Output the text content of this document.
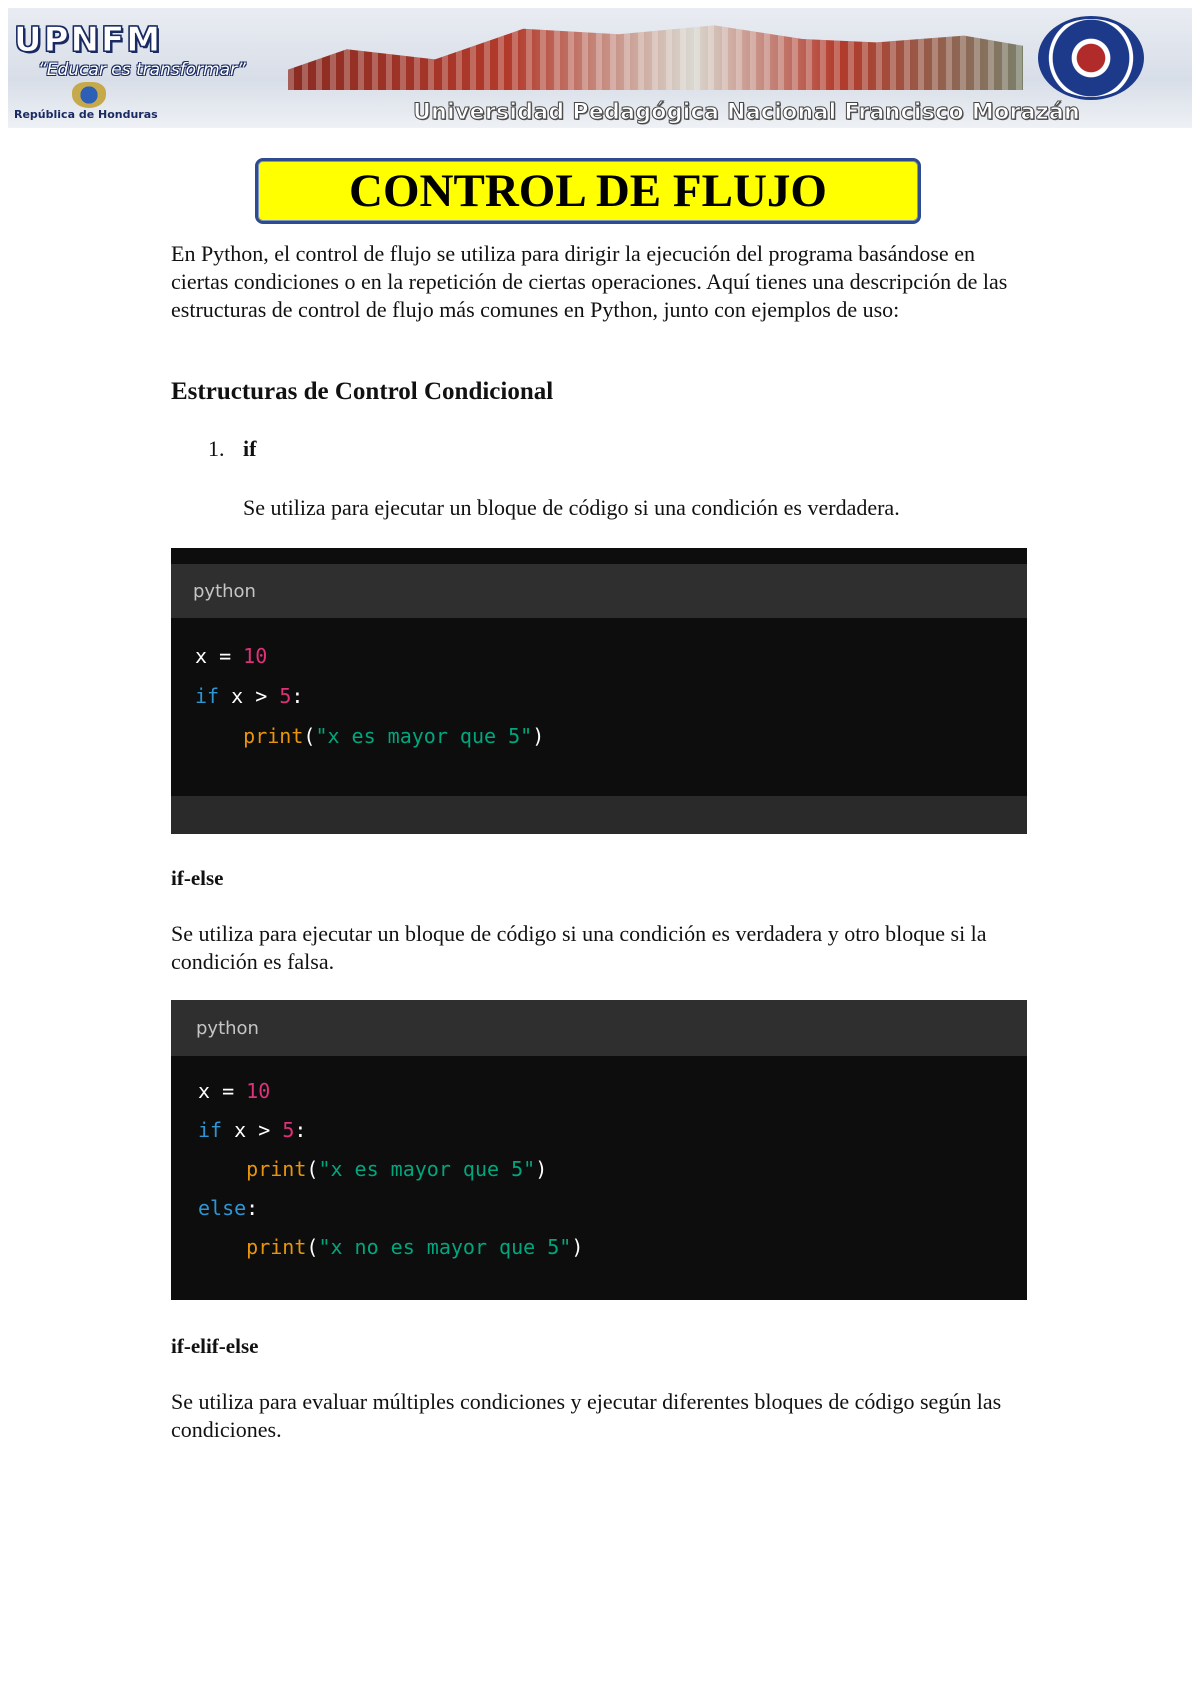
UPNFM
“Educar es transformar”
República de Honduras	Universidad Pedagógica Nacional Francisco Morazán
CONTROL DE FLUJO

En Python, el control de flujo se utiliza para dirigir la ejecución del programa basándose en ciertas condiciones o en la repetición de ciertas operaciones. Aquí tienes una descripción de las estructuras de control de flujo más comunes en Python, junto con ejemplos de uso:

Estructuras de Control Condicional
1. if

Se utiliza para ejecutar un bloque de código si una condición es verdadera.

python
x = 10
if x > 5:
print("x es mayor que 5")
if-else

Se utiliza para ejecutar un bloque de código si una condición es verdadera y otro bloque si la condición es falsa.

python
x = 10
if x > 5:
print("x es mayor que 5")
else:
print("x no es mayor que 5")
if-elif-else

Se utiliza para evaluar múltiples condiciones y ejecutar diferentes bloques de código según las condiciones.
